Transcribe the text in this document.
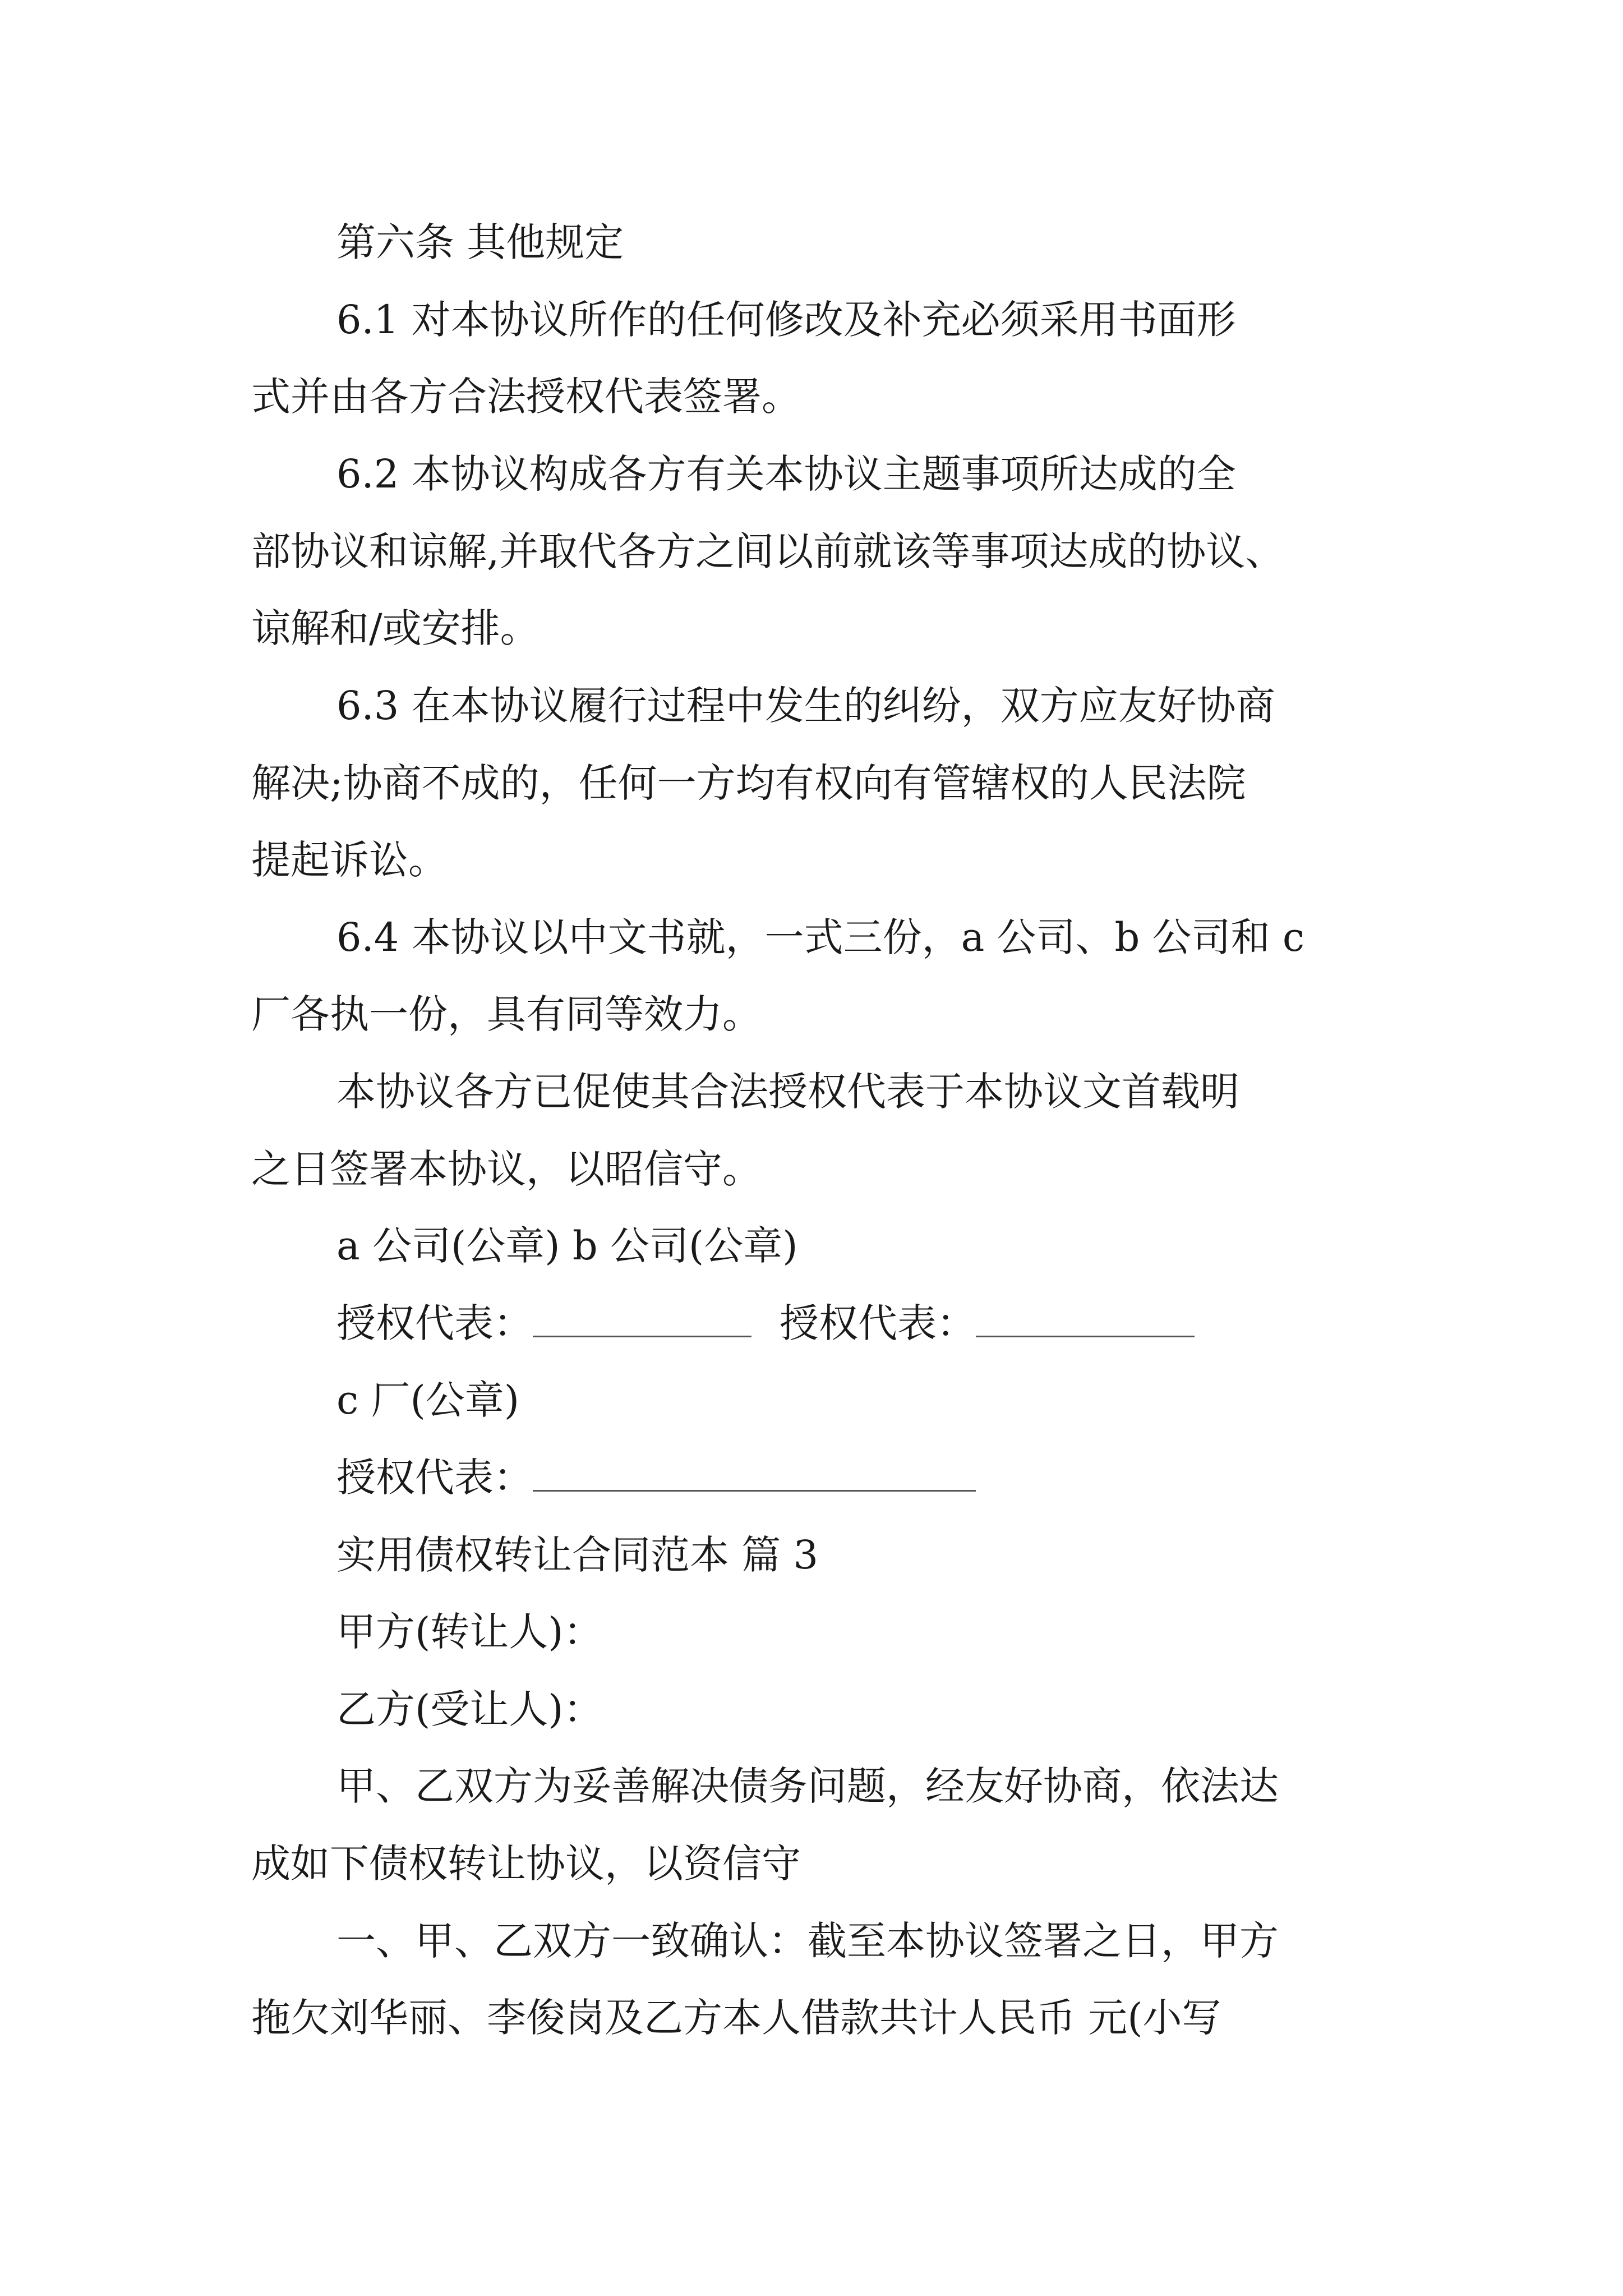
第六条 其他规定
6.1 对本协议所作的任何修改及补充必须采用书面形
式并由各方合法授权代表签署。
6.2 本协议构成各方有关本协议主题事项所达成的全
部协议和谅解,并取代各方之间以前就该等事项达成的协议、
谅解和/或安排。
6.3 在本协议履行过程中发生的纠纷，双方应友好协商
解决;协商不成的，任何一方均有权向有管辖权的人民法院
提起诉讼。
6.4 本协议以中文书就，一式三份，a 公司、b 公司和 c
厂各执一份，具有同等效力。
本协议各方已促使其合法授权代表于本协议文首载明
之日签署本协议，以昭信守。
a 公司(公章) b 公司(公章)
授权代表：	授权代表：
c 厂(公章)
授权代表：
实用债权转让合同范本 篇 3
甲方(转让人)：
乙方(受让人)：
甲、乙双方为妥善解决债务问题，经友好协商，依法达
成如下债权转让协议，以资信守
一、甲、乙双方一致确认：截至本协议签署之日，甲方
拖欠刘华丽、李俊岗及乙方本人借款共计人民币 元(小写
